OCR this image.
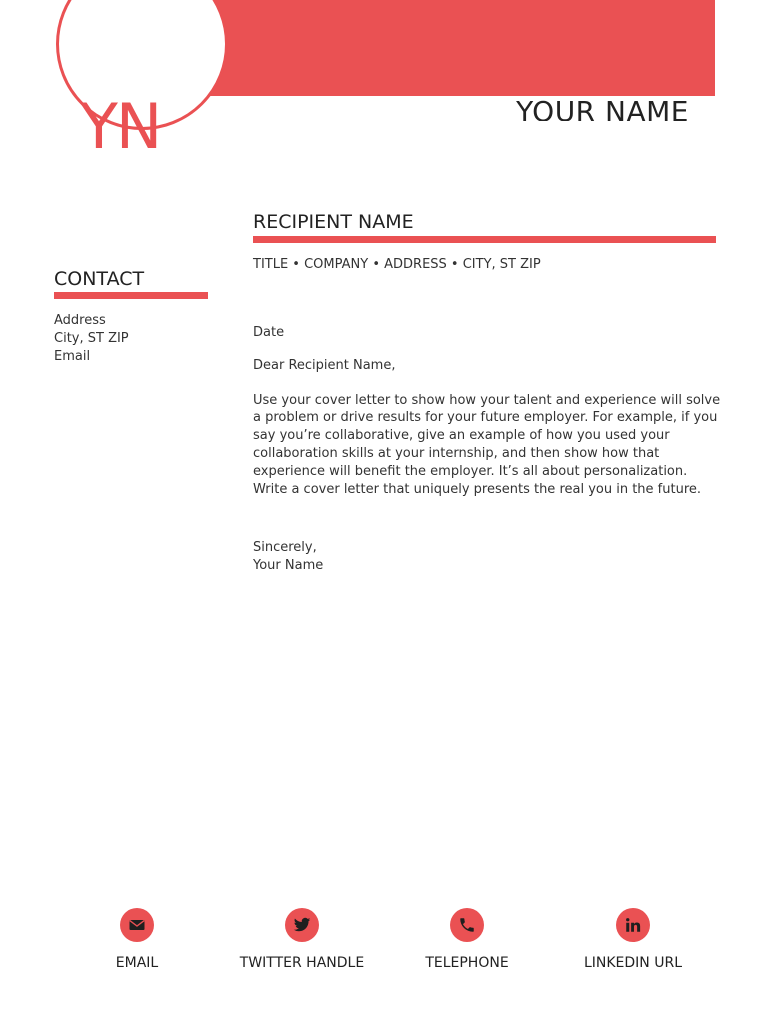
YN	YOUR NAME
RECIPIENT NAME
TITLE • COMPANY • ADDRESS • CITY, ST ZIP
CONTACT
Address
City, ST ZIP
Email

Date

Dear Recipient Name,

Use your cover letter to show how your talent and experience will solve a problem or drive results for your future employer. For example, if you say you’re collaborative, give an example of how you used your collaboration skills at your internship, and then show how that experience will benefit the employer. It’s all about personalization. Write a cover letter that uniquely presents the real you in the future.

Sincerely,
Your Name
EMAIL	TWITTER HANDLE	TELEPHONE	LINKEDIN URL
